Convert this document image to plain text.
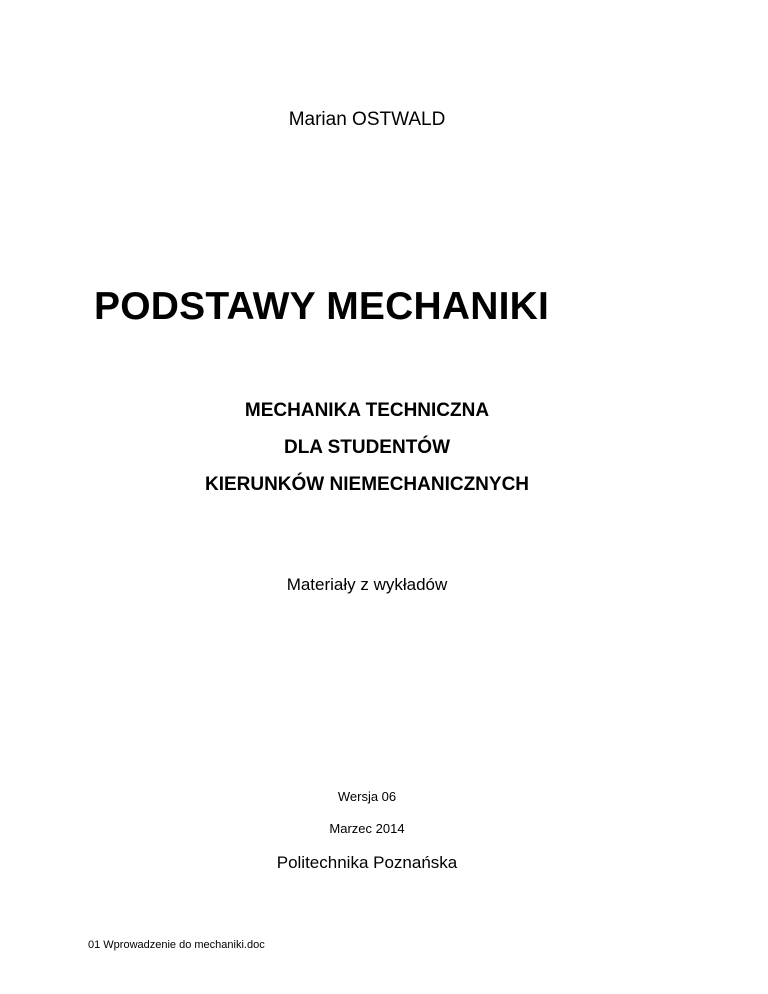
Marian OSTWALD
PODSTAWY MECHANIKI
MECHANIKA TECHNICZNA
DLA STUDENTÓW
KIERUNKÓW NIEMECHANICZNYCH
Materiały z wykładów
Wersja 06
Marzec 2014
Politechnika Poznańska
01 Wprowadzenie do mechaniki.doc
